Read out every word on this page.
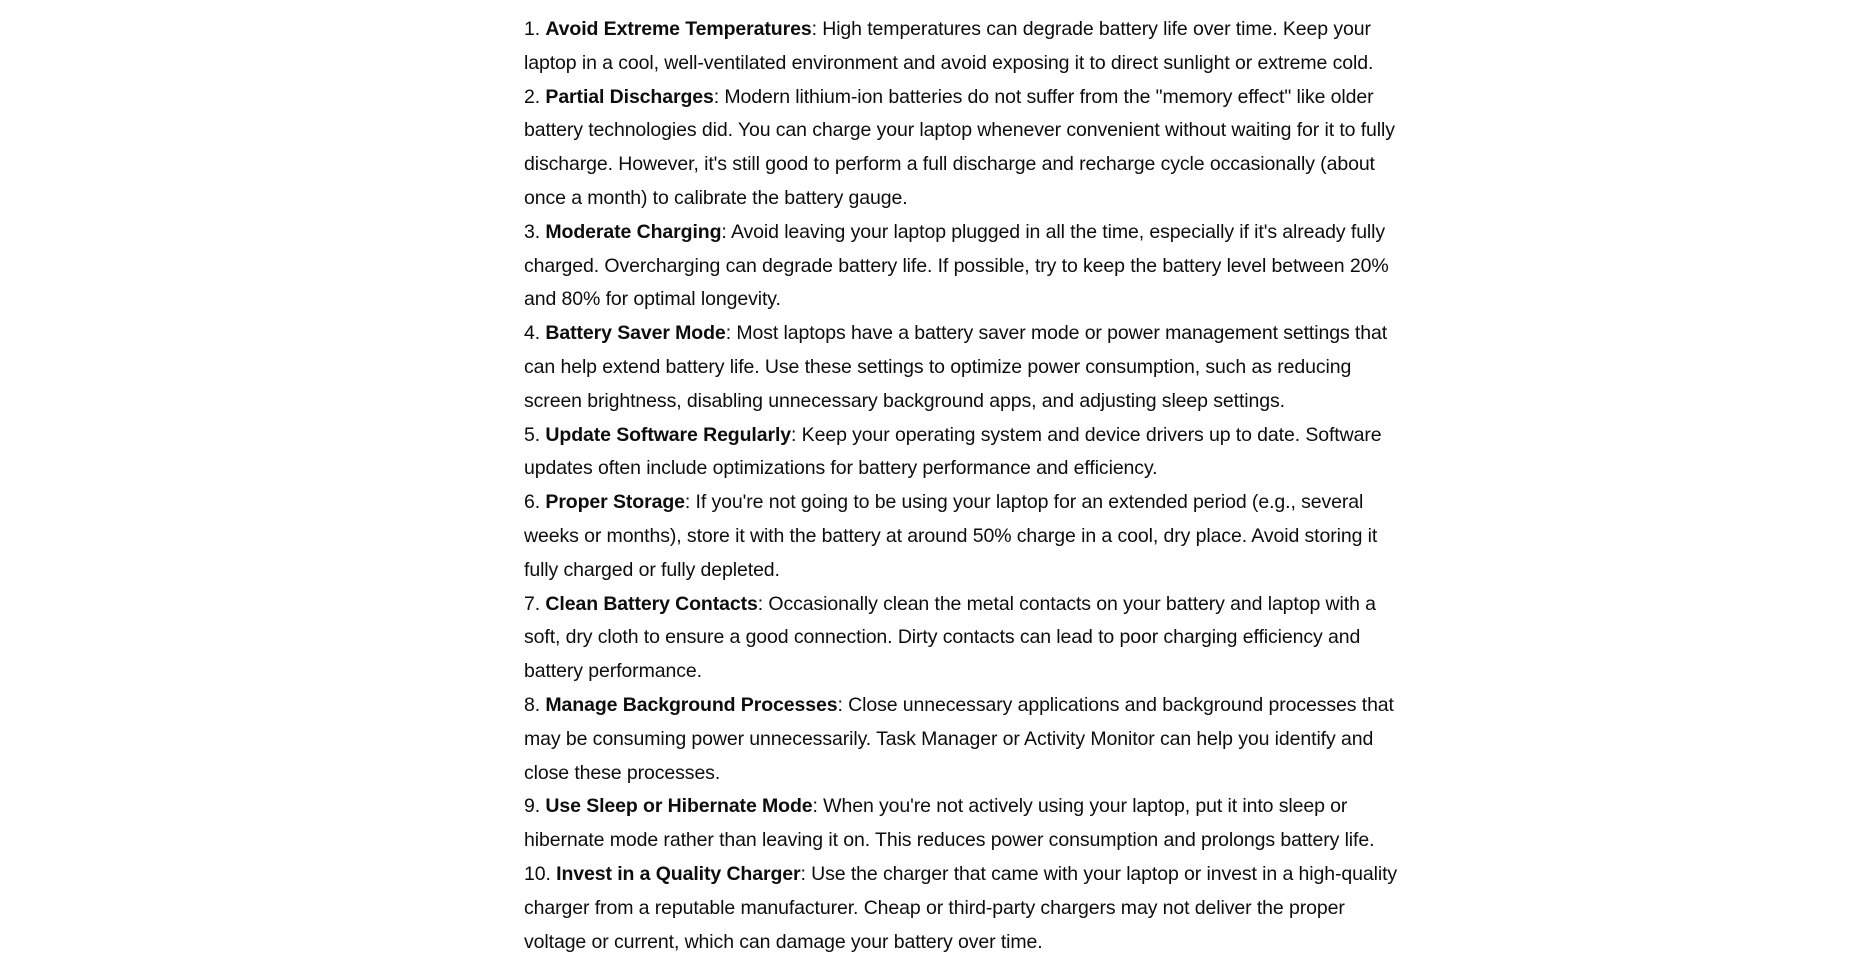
1. Avoid Extreme Temperatures: High temperatures can degrade battery life over time. Keep your laptop in a cool, well-ventilated environment and avoid exposing it to direct sunlight or extreme cold.
2. Partial Discharges: Modern lithium-ion batteries do not suffer from the "memory effect" like older battery technologies did. You can charge your laptop whenever convenient without waiting for it to fully discharge. However, it's still good to perform a full discharge and recharge cycle occasionally (about once a month) to calibrate the battery gauge.
3. Moderate Charging: Avoid leaving your laptop plugged in all the time, especially if it's already fully charged. Overcharging can degrade battery life. If possible, try to keep the battery level between 20% and 80% for optimal longevity.
4. Battery Saver Mode: Most laptops have a battery saver mode or power management settings that can help extend battery life. Use these settings to optimize power consumption, such as reducing screen brightness, disabling unnecessary background apps, and adjusting sleep settings.
5. Update Software Regularly: Keep your operating system and device drivers up to date. Software updates often include optimizations for battery performance and efficiency.
6. Proper Storage: If you're not going to be using your laptop for an extended period (e.g., several weeks or months), store it with the battery at around 50% charge in a cool, dry place. Avoid storing it fully charged or fully depleted.
7. Clean Battery Contacts: Occasionally clean the metal contacts on your battery and laptop with a soft, dry cloth to ensure a good connection. Dirty contacts can lead to poor charging efficiency and battery performance.
8. Manage Background Processes: Close unnecessary applications and background processes that may be consuming power unnecessarily. Task Manager or Activity Monitor can help you identify and close these processes.
9. Use Sleep or Hibernate Mode: When you're not actively using your laptop, put it into sleep or hibernate mode rather than leaving it on. This reduces power consumption and prolongs battery life.
10. Invest in a Quality Charger: Use the charger that came with your laptop or invest in a high-quality charger from a reputable manufacturer. Cheap or third-party chargers may not deliver the proper voltage or current, which can damage your battery over time.
